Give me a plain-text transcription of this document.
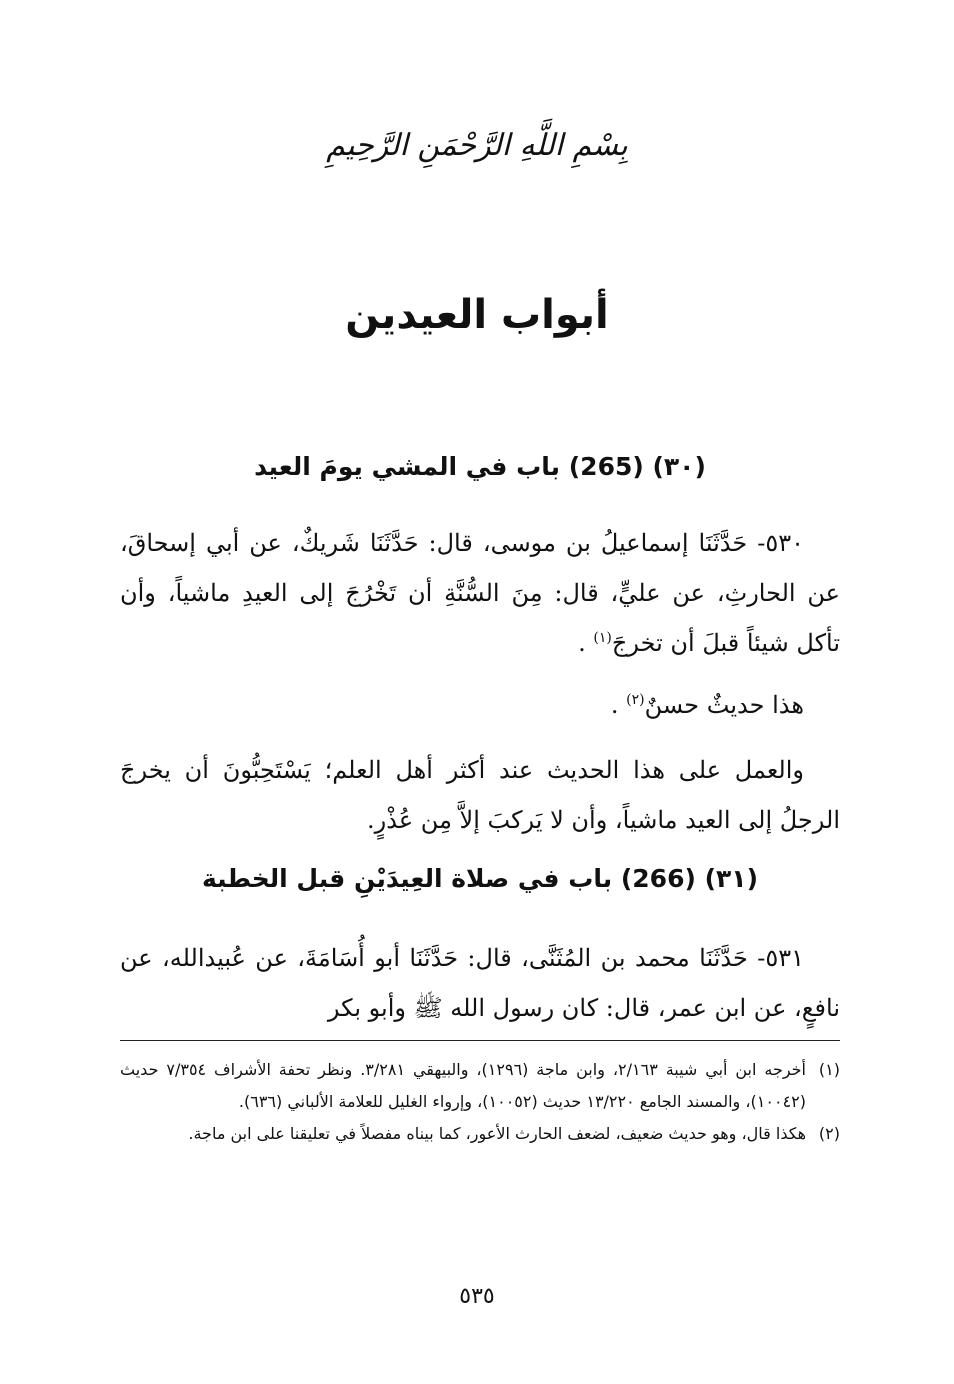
بِسْمِ اللَّهِ الرَّحْمَنِ الرَّحِيمِ
أبواب العيدين
(٣٠) (265) باب في المشي يومَ العيد

٥٣٠- حَدَّثَنَا إسماعيلُ بن موسى، قال: حَدَّثَنَا شَريكٌ، عن أبي إسحاقَ، عن الحارثِ، عن عليٍّ، قال: مِنَ السُّنَّةِ أن تَخْرُجَ إلى العيدِ ماشياً، وأن تأكل شيئاً قبلَ أن تخرجَ$^{(١)}$ .

هذا حديثٌ حسنٌ$^{(٢)}$ .

والعمل على هذا الحديث عند أكثر أهل العلم؛ يَسْتَحِبُّونَ أن يخرجَ الرجلُ إلى العيد ماشياً، وأن لا يَركبَ إلاَّ مِن عُذْرٍ.

(٣١) (266) باب في صلاة العِيدَيْنِ قبل الخطبة

٥٣١- حَدَّثَنَا محمد بن المُثَنَّى، قال: حَدَّثَنَا أبو أُسَامَةَ، عن عُبيدالله، عن نافعٍ، عن ابن عمر، قال: كان رسول الله ﷺ وأبو بكر

(١)
أخرجه ابن أبي شيبة ٢/١٦٣، وابن ماجة (١٢٩٦)، والبيهقي ٣/٢٨١. ونظر تحفة الأشراف ٧/٣٥٤ حديث (١٠٠٤٢)، والمسند الجامع ١٣/٢٢٠ حديث (١٠٠٥٢)، وإرواء الغليل للعلامة الألباني (٦٣٦).
(٢)
هكذا قال، وهو حديث ضعيف، لضعف الحارث الأعور، كما بيناه مفصلاً في تعليقنا على ابن ماجة.
٥٣٥
